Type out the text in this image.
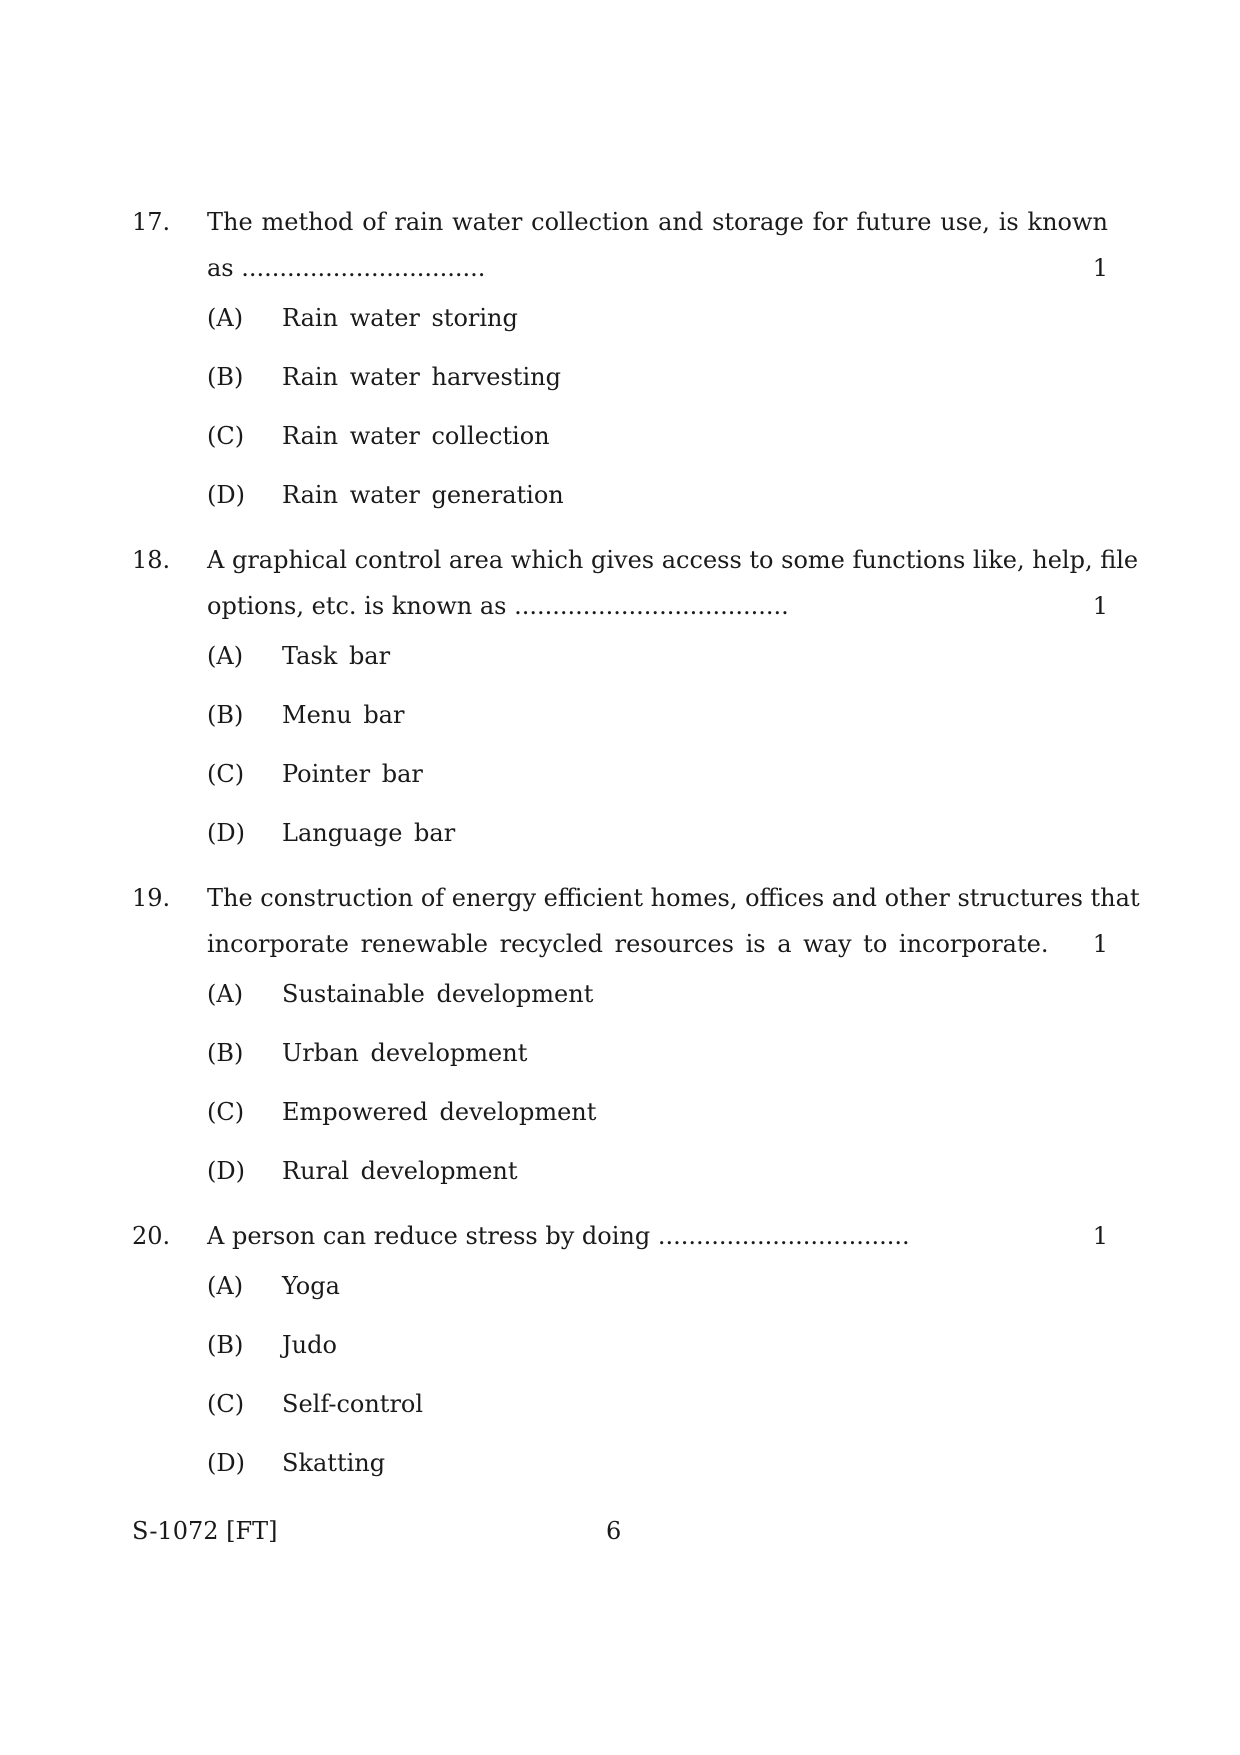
17. The method of rain water collection and storage for future use, is known
as ................................	1
(A) Rain water storing
(B) Rain water harvesting
(C) Rain water collection
(D) Rain water generation
18. A graphical control area which gives access to some functions like, help, file
options, etc. is known as ....................................	1
(A) Task bar
(B) Menu bar
(C) Pointer bar
(D) Language bar
19. The construction of energy efficient homes, offices and other structures that
incorporate renewable recycled resources is a way to incorporate. 1
(A) Sustainable development
(B) Urban development
(C) Empowered development
(D) Rural development
20. A person can reduce stress by doing .................................	1
(A) Yoga
(B) Judo
(C) Self-control
(D) Skatting
S-1072 [FT]	6
